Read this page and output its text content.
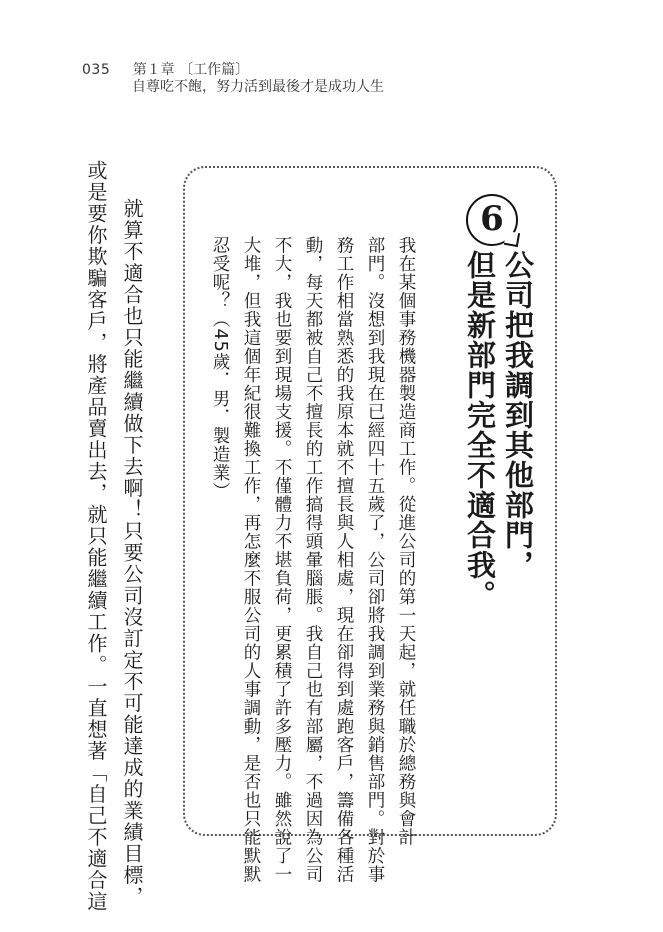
035 第１章 〔工作篇〕
自尊吃不飽，努力活到最後才是成功人生
6
公司把我調到其他部門，
但是新部門完全不適合我。
我在某個事務機器製造商工作。從進公司的第一天起，就任職於總務與會計
部門。沒想到我現在已經四十五歲了，公司卻將我調到業務與銷售部門。對於事
務工作相當熟悉的我原本就不擅長與人相處，現在卻得到處跑客戶，籌備各種活
動，每天都被自己不擅長的工作搞得頭暈腦脹。我自己也有部屬，不過因為公司
不大，我也要到現場支援。不僅體力不堪負荷，更累積了許多壓力。雖然說了一
大堆，但我這個年紀很難換工作，再怎麼不服公司的人事調動，是否也只能默默
忍受呢？（45歲．男．製造業）
就算不適合也只能繼續做下去啊！只要公司沒訂定不可能達成的業績目標，
或是要你欺騙客戶，將產品賣出去，就只能繼續工作。一直想著「自己不適合這
